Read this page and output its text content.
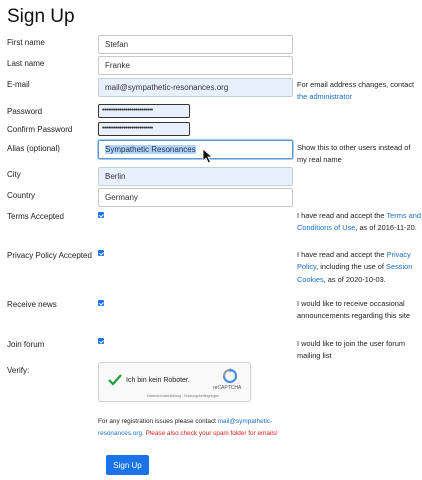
Sign Up
First name	Stefan
Last name	Franke
E-mail	mail@sympathetic-resonances.org	For email address changes, contact the administrator
Password	••••••••••••••••••••••••••
Confirm Password	••••••••••••••••••••••••••
Alias (optional)	Sympathetic Resonances	Show this to other users instead of my real name
City	Berlin
Country	Germany
Terms Accepted	I have read and accept the Terms and Conditions of Use, as of 2016-11-20.
Privacy Policy Accepted	I have read and accept the Privacy Policy, including the use of Session Cookies, as of 2020-10-03.
Receive news	I would like to receive occasional announcements regarding this site
Join forum	I would like to join the user forum mailing list
Verify:
Ich bin kein Roboter.
reCAPTCHA
Datenschutzerklärung - Nutzungsbedingungen
For any registration issues please contact mail@sympathetic-resonances.org. Please also check your spam folder for emails!
Sign Up
